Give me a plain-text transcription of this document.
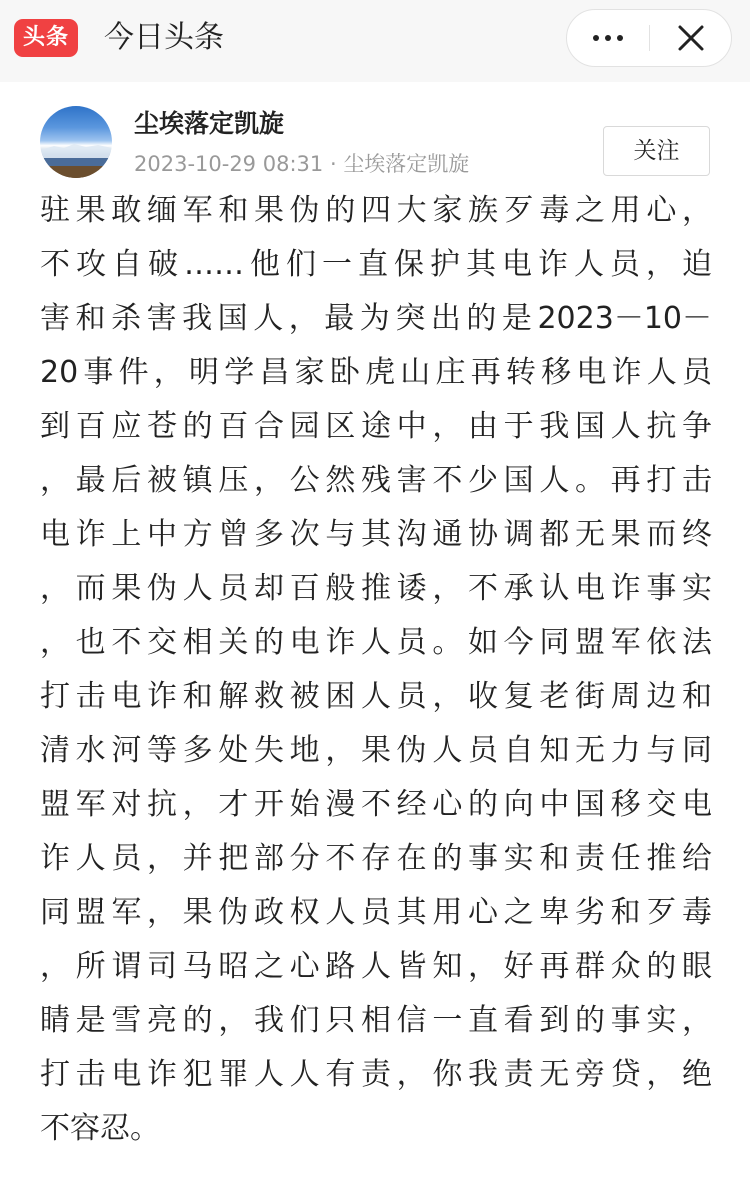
头条	今日头条
尘埃落定凯旋
2023-10-29 08:31 · 尘埃落定凯旋	关注
驻果敢缅军和果伪的四大家族歹毒之用心，
不攻自破……他们一直保护其电诈人员，迫
害和杀害我国人，最为突出的是2023－10－
20事件，明学昌家卧虎山庄再转移电诈人员
到百应苍的百合园区途中，由于我国人抗争
，最后被镇压，公然残害不少国人。再打击
电诈上中方曾多次与其沟通协调都无果而终
，而果伪人员却百般推诿，不承认电诈事实
，也不交相关的电诈人员。如今同盟军依法
打击电诈和解救被困人员，收复老街周边和
清水河等多处失地，果伪人员自知无力与同
盟军对抗，才开始漫不经心的向中国移交电
诈人员，并把部分不存在的事实和责任推给
同盟军，果伪政权人员其用心之卑劣和歹毒
，所谓司马昭之心路人皆知，好再群众的眼
睛是雪亮的，我们只相信一直看到的事实，
打击电诈犯罪人人有责，你我责无旁贷，绝
不容忍。
